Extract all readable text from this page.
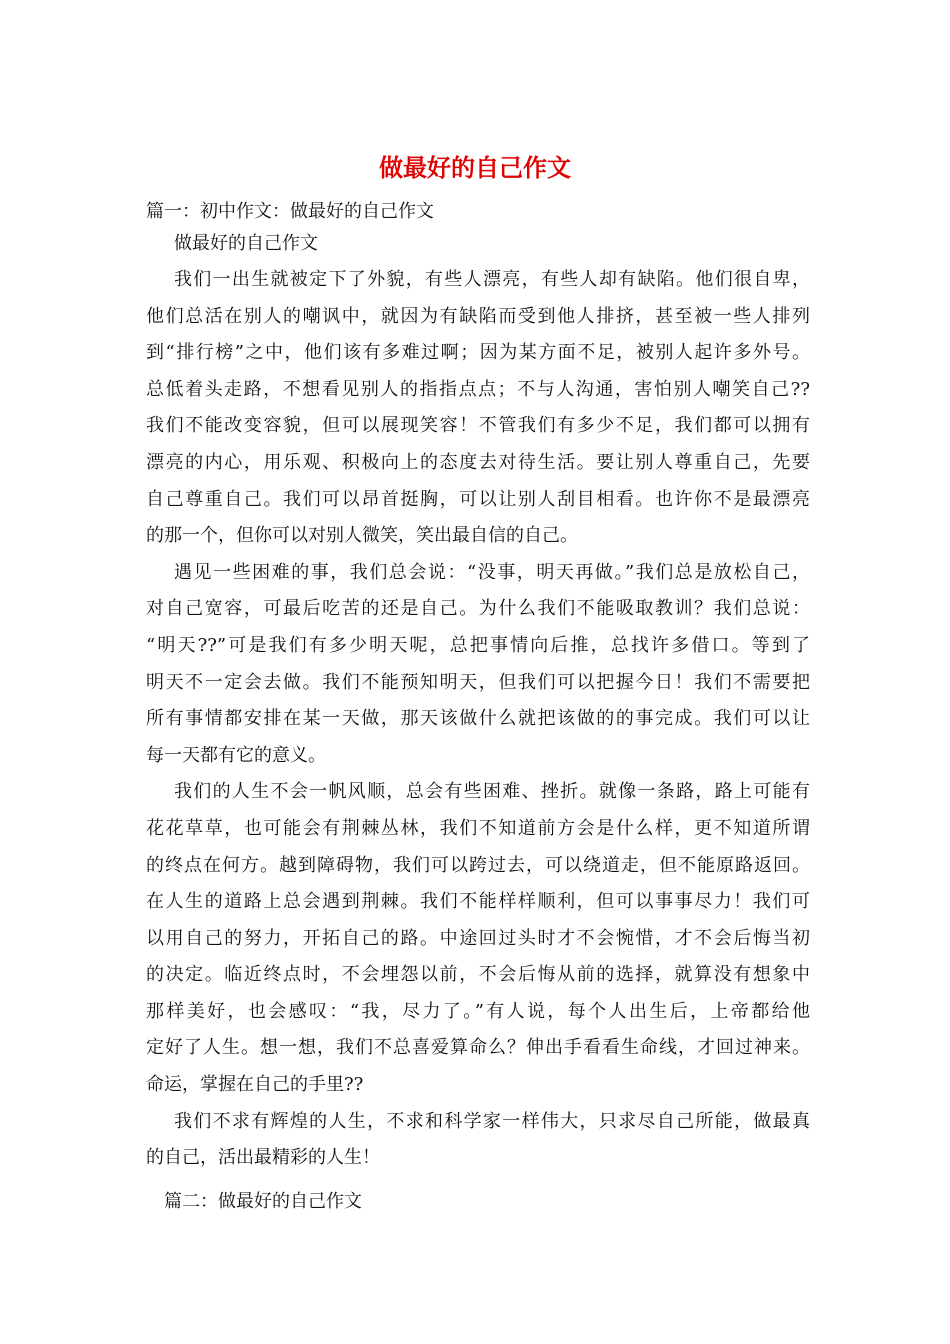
做最好的自己作文
篇一：初中作文：做最好的自己作文
做最好的自己作文
我们一出生就被定下了外貌，有些人漂亮，有些人却有缺陷。他们很自卑，
他们总活在别人的嘲讽中，就因为有缺陷而受到他人排挤，甚至被一些人排列
到“排行榜”之中，他们该有多难过啊；因为某方面不足，被别人起许多外号。
总低着头走路，不想看见别人的指指点点；不与人沟通，害怕别人嘲笑自己??
我们不能改变容貌，但可以展现笑容！不管我们有多少不足，我们都可以拥有
漂亮的内心，用乐观、积极向上的态度去对待生活。要让别人尊重自己，先要
自己尊重自己。我们可以昂首挺胸，可以让别人刮目相看。也许你不是最漂亮
的那一个，但你可以对别人微笑，笑出最自信的自己。
遇见一些困难的事，我们总会说：“没事，明天再做。”我们总是放松自己，
对自己宽容，可最后吃苦的还是自己。为什么我们不能吸取教训？我们总说：
“明天??”可是我们有多少明天呢，总把事情向后推，总找许多借口。等到了
明天不一定会去做。我们不能预知明天，但我们可以把握今日！我们不需要把
所有事情都安排在某一天做，那天该做什么就把该做的的事完成。我们可以让
每一天都有它的意义。
我们的人生不会一帆风顺，总会有些困难、挫折。就像一条路，路上可能有
花花草草，也可能会有荆棘丛林，我们不知道前方会是什么样，更不知道所谓
的终点在何方。越到障碍物，我们可以跨过去，可以绕道走，但不能原路返回。
在人生的道路上总会遇到荆棘。我们不能样样顺利，但可以事事尽力！我们可
以用自己的努力，开拓自己的路。中途回过头时才不会惋惜，才不会后悔当初
的决定。临近终点时，不会埋怨以前，不会后悔从前的选择，就算没有想象中
那样美好，也会感叹：“我，尽力了。”有人说，每个人出生后，上帝都给他
定好了人生。想一想，我们不总喜爱算命么？伸出手看看生命线，才回过神来。
命运，掌握在自己的手里??
我们不求有辉煌的人生，不求和科学家一样伟大，只求尽自己所能，做最真
的自己，活出最精彩的人生！
篇二：做最好的自己作文
